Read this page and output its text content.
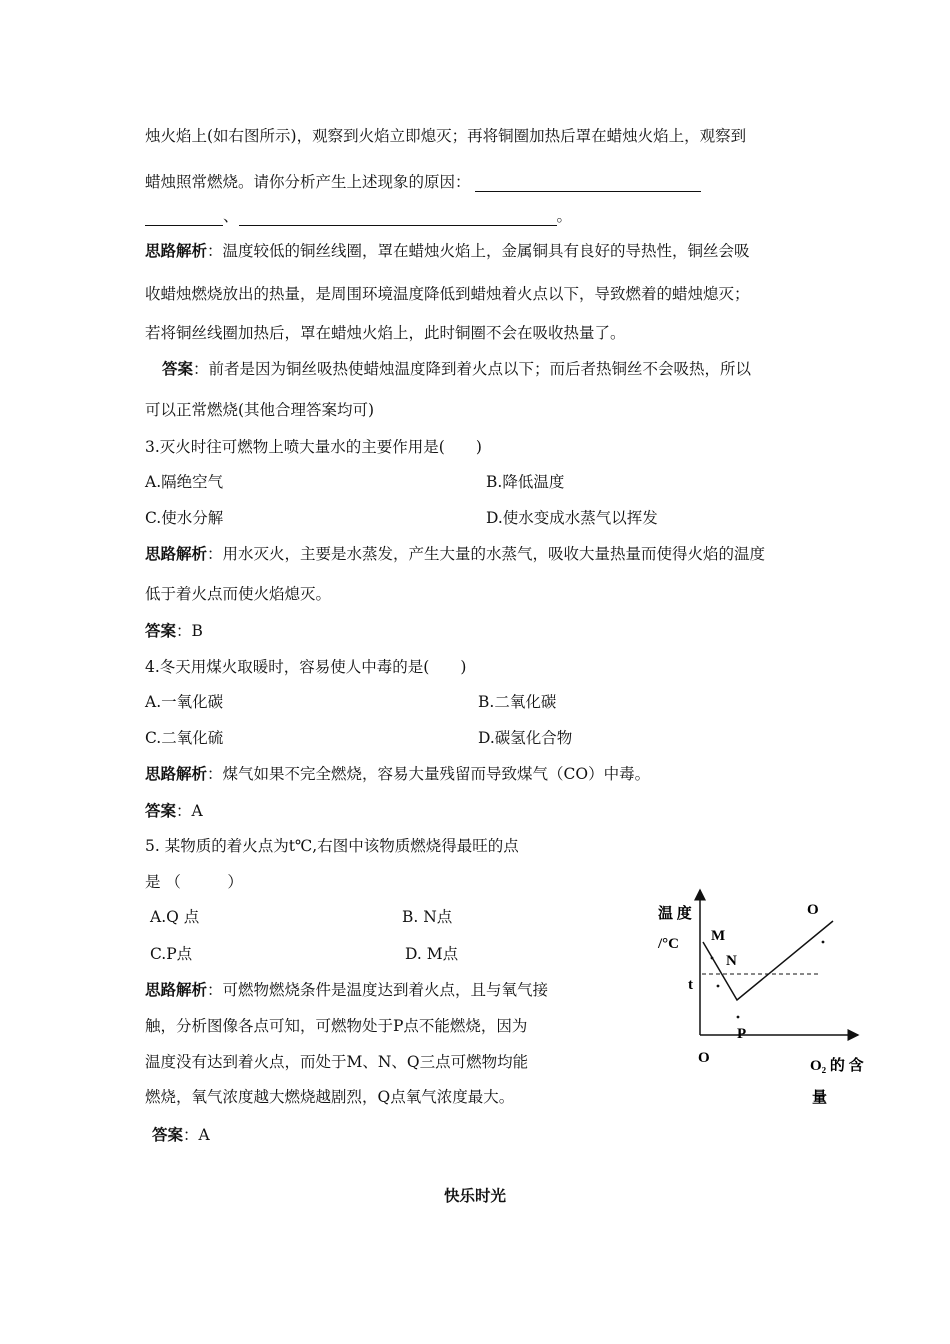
烛火焰上(如右图所示)，观察到火焰立即熄灭；再将铜圈加热后罩在蜡烛火焰上，观察到
蜡烛照常燃烧。请你分析产生上述现象的原因：
、	。
思路解析：温度较低的铜丝线圈，罩在蜡烛火焰上，金属铜具有良好的导热性，铜丝会吸
收蜡烛燃烧放出的热量，是周围环境温度降低到蜡烛着火点以下，导致燃着的蜡烛熄灭；
若将铜丝线圈加热后，罩在蜡烛火焰上，此时铜圈不会在吸收热量了。
答案：前者是因为铜丝吸热使蜡烛温度降到着火点以下；而后者热铜丝不会吸热，所以
可以正常燃烧(其他合理答案均可)
3.灭火时往可燃物上喷大量水的主要作用是(　　)
A.隔绝空气	B.降低温度
C.使水分解	D.使水变成水蒸气以挥发
思路解析：用水灭火，主要是水蒸发，产生大量的水蒸气，吸收大量热量而使得火焰的温度
低于着火点而使火焰熄灭。
答案：B
4.冬天用煤火取暖时，容易使人中毒的是(　　)
A.一氧化碳	B.二氧化碳
C.二氧化硫	D.碳氢化合物
思路解析：煤气如果不完全燃烧，容易大量残留而导致煤气（CO）中毒。
答案：A
5. 某物质的着火点为t℃,右图中该物质燃烧得最旺的点
是 （　　　）
A.Q 点	B. N点
C.P点	D. M点
思路解析：可燃物燃烧条件是温度达到着火点，且与氧气接
触，分析图像各点可知，可燃物处于P点不能燃烧，因为
温度没有达到着火点，而处于M、N、Q三点可燃物均能
燃烧，氧气浓度越大燃烧越剧烈，Q点氧气浓度最大。
答案：A
温 度
/°C
t
O
M
N
P
O
O₂ 的 含
量
快乐时光
